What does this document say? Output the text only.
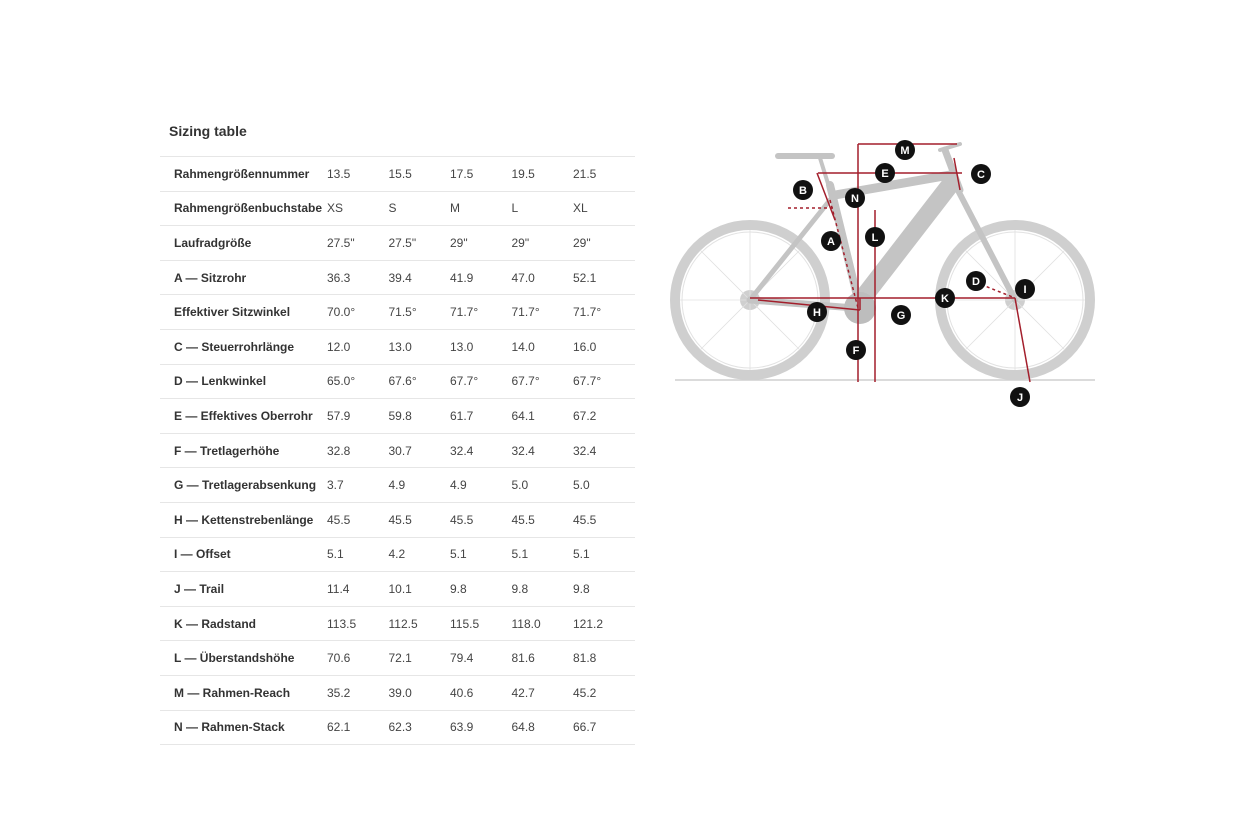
Sizing table
Rahmengrößennummer	13.5	15.5	17.5	19.5	21.5
Rahmengrößenbuchstabe XS	S	M	L	XL
Laufradgröße	27.5"	27.5"	29"	29"	29"
A — Sitzrohr	36.3	39.4	41.9	47.0	52.1
Effektiver Sitzwinkel	70.0°	71.5°	71.7°	71.7°	71.7°
C — Steuerrohrlänge	12.0	13.0	13.0	14.0	16.0
D — Lenkwinkel	65.0°	67.6°	67.7°	67.7°	67.7°
E — Effektives Oberrohr	57.9	59.8	61.7	64.1	67.2
F — Tretlagerhöhe	32.8	30.7	32.4	32.4	32.4
G — Tretlagerabsenkung 3.7	4.9	4.9	5.0	5.0
H — Kettenstrebenlänge	45.5	45.5	45.5	45.5	45.5
I — Offset	5.1	4.2	5.1	5.1	5.1
J — Trail	11.4	10.1	9.8	9.8	9.8
K — Radstand	113.5	112.5	115.5	118.0	121.2
L — Überstandshöhe	70.6	72.1	79.4	81.6	81.8
M — Rahmen-Reach	35.2	39.0	40.6	42.7	45.2
N — Rahmen-Stack	62.1	62.3	63.9	64.8	66.7
M
E	C
B
N
A	L
D
I
K
H	G
F
J
